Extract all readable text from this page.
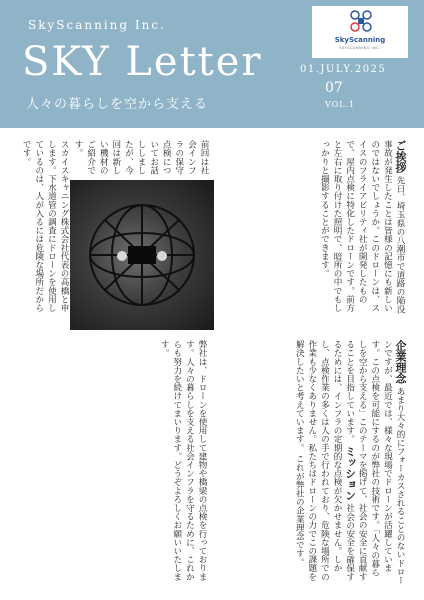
SkyScanning Inc.
SKY Letter
人々の暮らしを空から支える
01.JULY.2025
07
VOL.1
SkyScanning
SKYSCANNING INC.
ご挨拶 先日、埼玉県の八潮市で道路の陥没事故が発生したことは皆様の記憶にも新しいのではないでしょうか。このドローンは、スイスのフライアビリティ社が開発したもので、屋内点検に特化したドローンです。前方と左右に取り付けた照明で、暗所の中でもしっかりと撮影することができます。
企業理念 あまり大々的にフォーカスされることのないドローンですが、最近では、様々な現場でドローンが活躍しています。この点検を可能にするのが弊社の技術です。「人々の暮らしを空から支える」このテーマを掲げて、社会の安全に貢献することを目指しています。 ミッション 社会の安全を確保するためには、インフラの定期的な点検が欠かせません。しかし、点検作業の多くは人の手で行われており、危険な場所での作業も少なくありません。私たちはドローンの力でこの課題を解決したいと考えています。 これが弊社の企業理念です。
スカイスキャニング株式会社代表の高橋と申します。下水道管の調査にドローンを使用しているのは、人が入るには危険な場所だからです。	前回は社会インフラの保守点検についてお話ししましたが、今回は新しい機材のご紹介です。
弊社は、ドローンを使用して建物や橋梁の点検を行っております。人々の暮らしを支える社会インフラを守るために、これからも努力を続けてまいります。どうぞよろしくお願いいたします。
